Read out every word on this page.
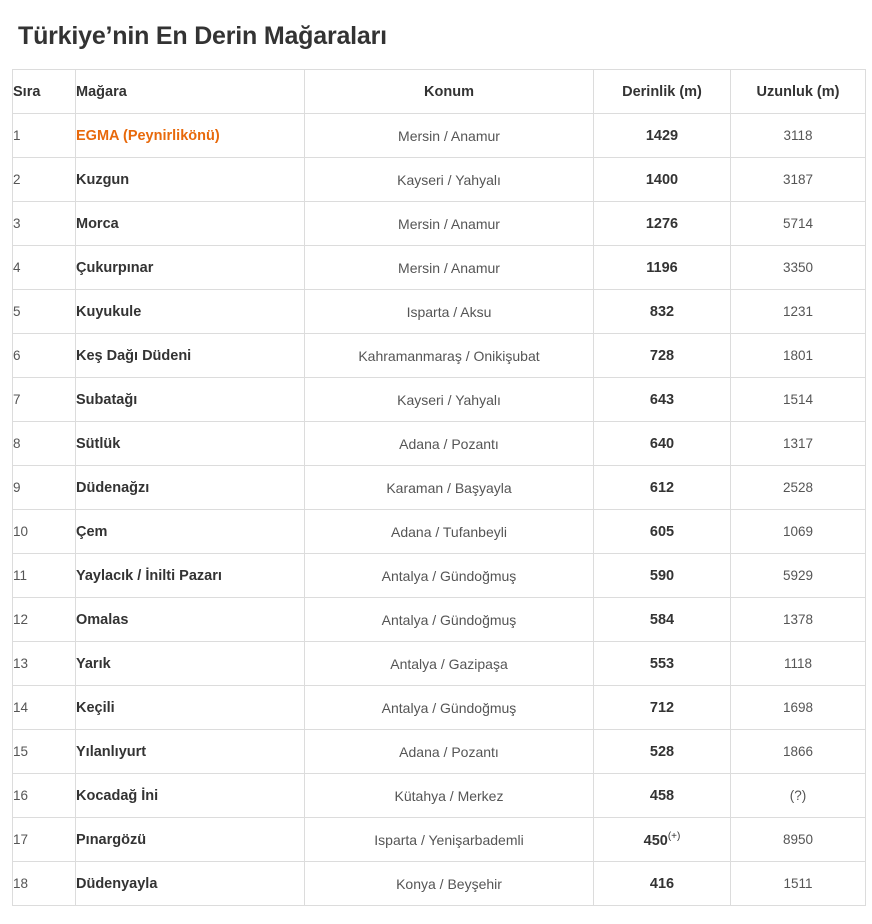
Türkiye’nin En Derin Mağaraları
Sıra	Mağara	Konum	Derinlik (m)	Uzunluk (m)
1	EGMA (Peynirlikönü)	Mersin / Anamur	1429	3118
2	Kuzgun	Kayseri / Yahyalı	1400	3187
3	Morca	Mersin / Anamur	1276	5714
4	Çukurpınar	Mersin / Anamur	1196	3350
5	Kuyukule	Isparta / Aksu	832	1231
6	Keş Dağı Düdeni	Kahramanmaraş / Onikişubat	728	1801
7	Subatağı	Kayseri / Yahyalı	643	1514
8	Sütlük	Adana / Pozantı	640	1317
9	Düdenağzı	Karaman / Başyayla	612	2528
10	Çem	Adana / Tufanbeyli	605	1069
11	Yaylacık / İnilti Pazarı	Antalya / Gündoğmuş	590	5929
12	Omalas	Antalya / Gündoğmuş	584	1378
13	Yarık	Antalya / Gazipaşa	553	1118
14	Keçili	Antalya / Gündoğmuş	712	1698
15	Yılanlıyurt	Adana / Pozantı	528	1866
16	Kocadağ İni	Kütahya / Merkez	458	(?)
17	Pınargözü	Isparta / Yenişarbademli	450(+)	8950
18	Düdenyayla	Konya / Beyşehir	416	1511
